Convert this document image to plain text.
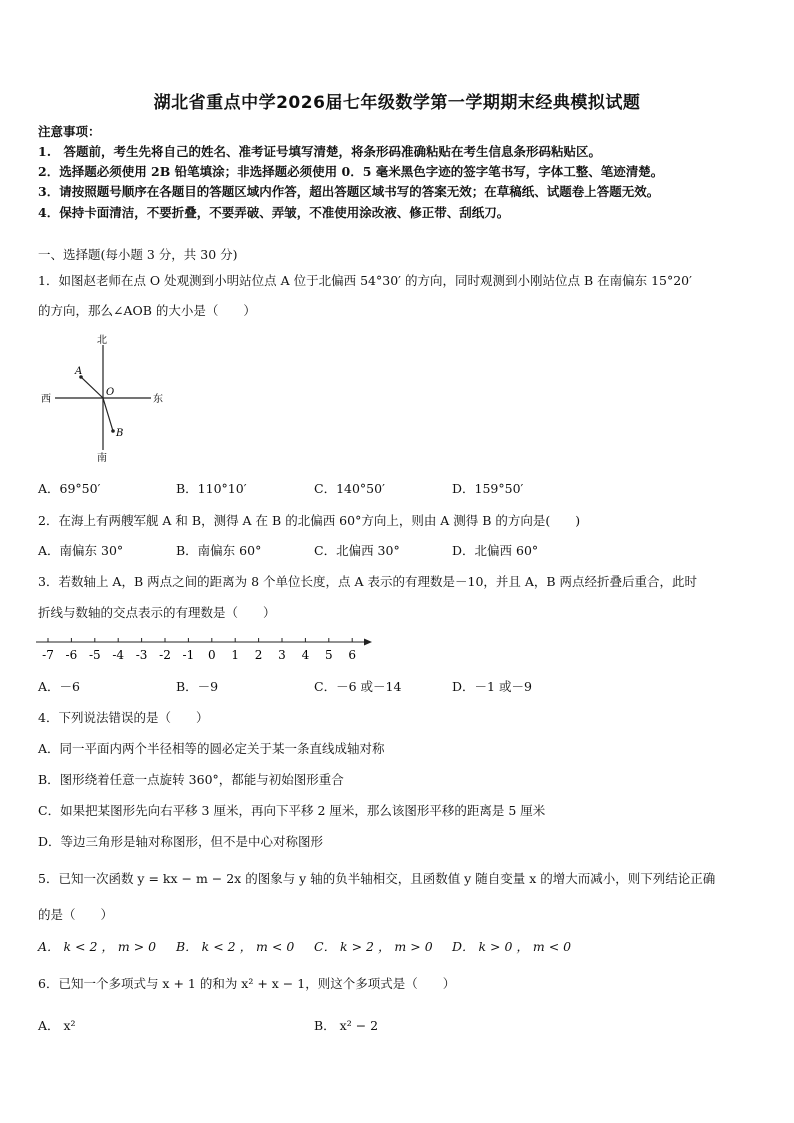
湖北省重点中学2026届七年级数学第一学期期末经典模拟试题
注意事项：
1.　答题前，考生先将自己的姓名、准考证号填写清楚，将条形码准确粘贴在考生信息条形码粘贴区。
2．选择题必须使用 2B 铅笔填涂；非选择题必须使用 0．5 毫米黑色字迹的签字笔书写，字体工整、笔迹清楚。
3．请按照题号顺序在各题目的答题区域内作答，超出答题区域书写的答案无效；在草稿纸、试题卷上答题无效。
4．保持卡面清洁，不要折叠，不要弄破、弄皱，不准使用涂改液、修正带、刮纸刀。
一、选择题(每小题 3 分，共 30 分)
1．如图赵老师在点 O 处观测到小明站位点 A 位于北偏西 54°30′ 的方向，同时观测到小刚站位点 B 在南偏东 15°20′
的方向，那么∠AOB 的大小是（　　）
北
南
西	东
O
A
B
A．69°50′	B．110°10′	C．140°50′	D．159°50′
2．在海上有两艘军舰 A 和 B，测得 A 在 B 的北偏西 60°方向上，则由 A 测得 B 的方向是(　　)
A．南偏东 30°	B．南偏东 60°	C．北偏西 30°	D．北偏西 60°
3．若数轴上 A，B 两点之间的距离为 8 个单位长度，点 A 表示的有理数是－10，并且 A，B 两点经折叠后重合，此时
折线与数轴的交点表示的有理数是（　　）
-7 -6 -5 -4 -3 -2 -1 0 1 2 3 4 5 6
A．－6	B．－9	C．－6 或－14	D．－1 或－9
4．下列说法错误的是（　　）
A．同一平面内两个半径相等的圆必定关于某一条直线成轴对称
B．图形绕着任意一点旋转 360°，都能与初始图形重合
C．如果把某图形先向右平移 3 厘米，再向下平移 2 厘米，那么该图形平移的距离是 5 厘米
D．等边三角形是轴对称图形，但不是中心对称图形
5．已知一次函数 y = kx − m − 2x 的图象与 y 轴的负半轴相交，且函数值 y 随自变量 x 的增大而减小，则下列结论正确
的是（　　）
A． k < 2 ， m > 0 B． k < 2 ， m < 0 C． k > 2 ， m > 0 D． k > 0 ， m < 0
6．已知一个多项式与 x + 1 的和为 x² + x − 1，则这个多项式是（　　）
A． x²	B． x² − 2
